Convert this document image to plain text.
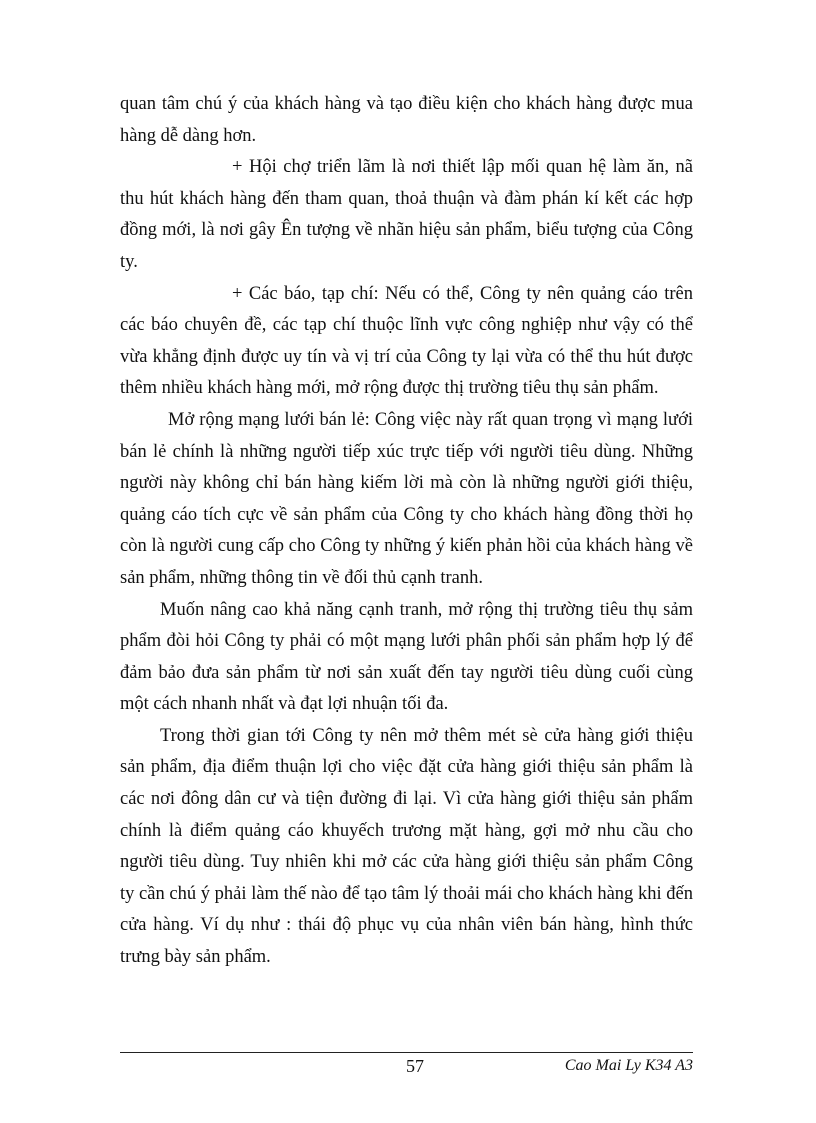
quan tâm chú ý của khách hàng và tạo điều kiện cho khách hàng được mua hàng dễ dàng hơn.

+ Hội chợ triển lãm là nơi thiết lập mối quan hệ làm ăn, nã thu hút khách hàng đến tham quan, thoả thuận và đàm phán kí kết các hợp đồng mới, là nơi gây Ên tượng về nhãn hiệu sản phẩm, biểu tượng của Công ty.

+ Các báo, tạp chí: Nếu có thể, Công ty nên quảng cáo trên các báo chuyên đề, các tạp chí thuộc lĩnh vực công nghiệp như vậy có thể vừa khẳng định được uy tín và vị trí của Công ty lại vừa có thể thu hút được thêm nhiều khách hàng mới, mở rộng được thị trường tiêu thụ sản phẩm.

Mở rộng mạng lưới bán lẻ: Công việc này rất quan trọng vì mạng lưới bán lẻ chính là những người tiếp xúc trực tiếp với người tiêu dùng. Những người này không chỉ bán hàng kiếm lời mà còn là những người giới thiệu, quảng cáo tích cực về sản phẩm của Công ty cho khách hàng đồng thời họ còn là người cung cấp cho Công ty những ý kiến phản hồi của khách hàng về sản phẩm, những thông tin về đối thủ cạnh tranh.

Muốn nâng cao khả năng cạnh tranh, mở rộng thị trường tiêu thụ sảm phẩm đòi hỏi Công ty phải có một mạng lưới phân phối sản phẩm hợp lý để đảm bảo đưa sản phẩm từ nơi sản xuất đến tay người tiêu dùng cuối cùng một cách nhanh nhất và đạt lợi nhuận tối đa.

Trong thời gian tới Công ty nên mở thêm mét sè cửa hàng giới thiệu sản phẩm, địa điểm thuận lợi cho việc đặt cửa hàng giới thiệu sản phẩm là các nơi đông dân cư và tiện đường đi lại. Vì cửa hàng giới thiệu sản phẩm chính là điểm quảng cáo khuyếch trương mặt hàng, gợi mở nhu cầu cho người tiêu dùng. Tuy nhiên khi mở các cửa hàng giới thiệu sản phẩm Công ty cần chú ý phải làm thế nào để tạo tâm lý thoải mái cho khách hàng khi đến cửa hàng. Ví dụ như : thái độ phục vụ của nhân viên bán hàng, hình thức trưng bày sản phẩm.

57	Cao Mai Ly K34 A3
